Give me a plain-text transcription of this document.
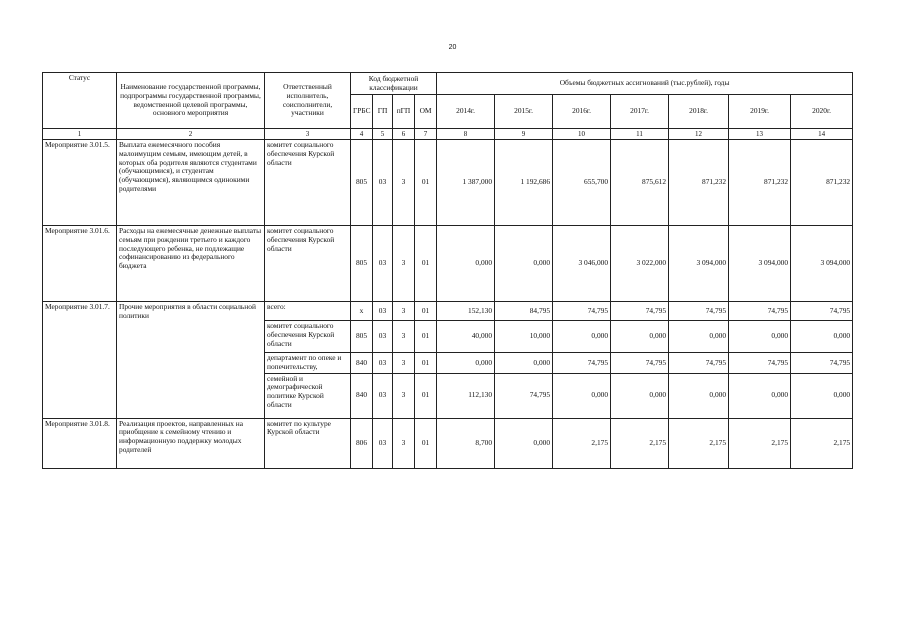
20
Статус	Наименование государственной программы, подпрограммы государственной программы, ведомственной целевой программы, основного мероприятия	Ответственный исполнитель, соисполнители, участники	Код бюджетной классификации				Объемы бюджетных ассигнований (тыс.рублей), годы						
			ГРБС	ГП	пГП	ОМ	2014г.	2015г.	2016г.	2017г.	2018г.	2019г.	2020г.
1	2	3	4	5	6	7	8	9	10	11	12	13	14
Мероприятие 3.01.5.	Выплата ежемесячного пособия малоимущим семьям, имеющим детей, в которых оба родителя являются студентами (обучающимися), и студентам (обучающимся), являющимся одинокими родителями	комитет социального обеспечения Курской области	805	03	3	01	1 387,000	1 192,686	655,700	875,612	871,232	871,232	871,232
Мероприятие 3.01.6.	Расходы на ежемесячные денежные выплаты семьям при рождении третьего и каждого последующего ребенка, не подлежащие софинансированию из федерального бюджета	комитет социального обеспечения Курской области	805	03	3	01	0,000	0,000	3 046,000	3 022,000	3 094,000	3 094,000	3 094,000
Мероприятие 3.01.7.	Прочие мероприятия в области социальной политики	всего:	х	03	3	01	152,130	84,795	74,795	74,795	74,795	74,795	74,795
		комитет социального обеспечения Курской области	805	03	3	01	40,000	10,000	0,000	0,000	0,000	0,000	0,000
		департамент по опеке и попечительству,	840	03	3	01	0,000	0,000	74,795	74,795	74,795	74,795	74,795
		семейной и демографической политике Курской области	840	03	3	01	112,130	74,795	0,000	0,000	0,000	0,000	0,000
Мероприятие 3.01.8.	Реализация проектов, направленных на приобщение к семейному чтению и информационную поддержку молодых родителей	комитет по культуре Курской области	806	03	3	01	8,700	0,000	2,175	2,175	2,175	2,175	2,175
